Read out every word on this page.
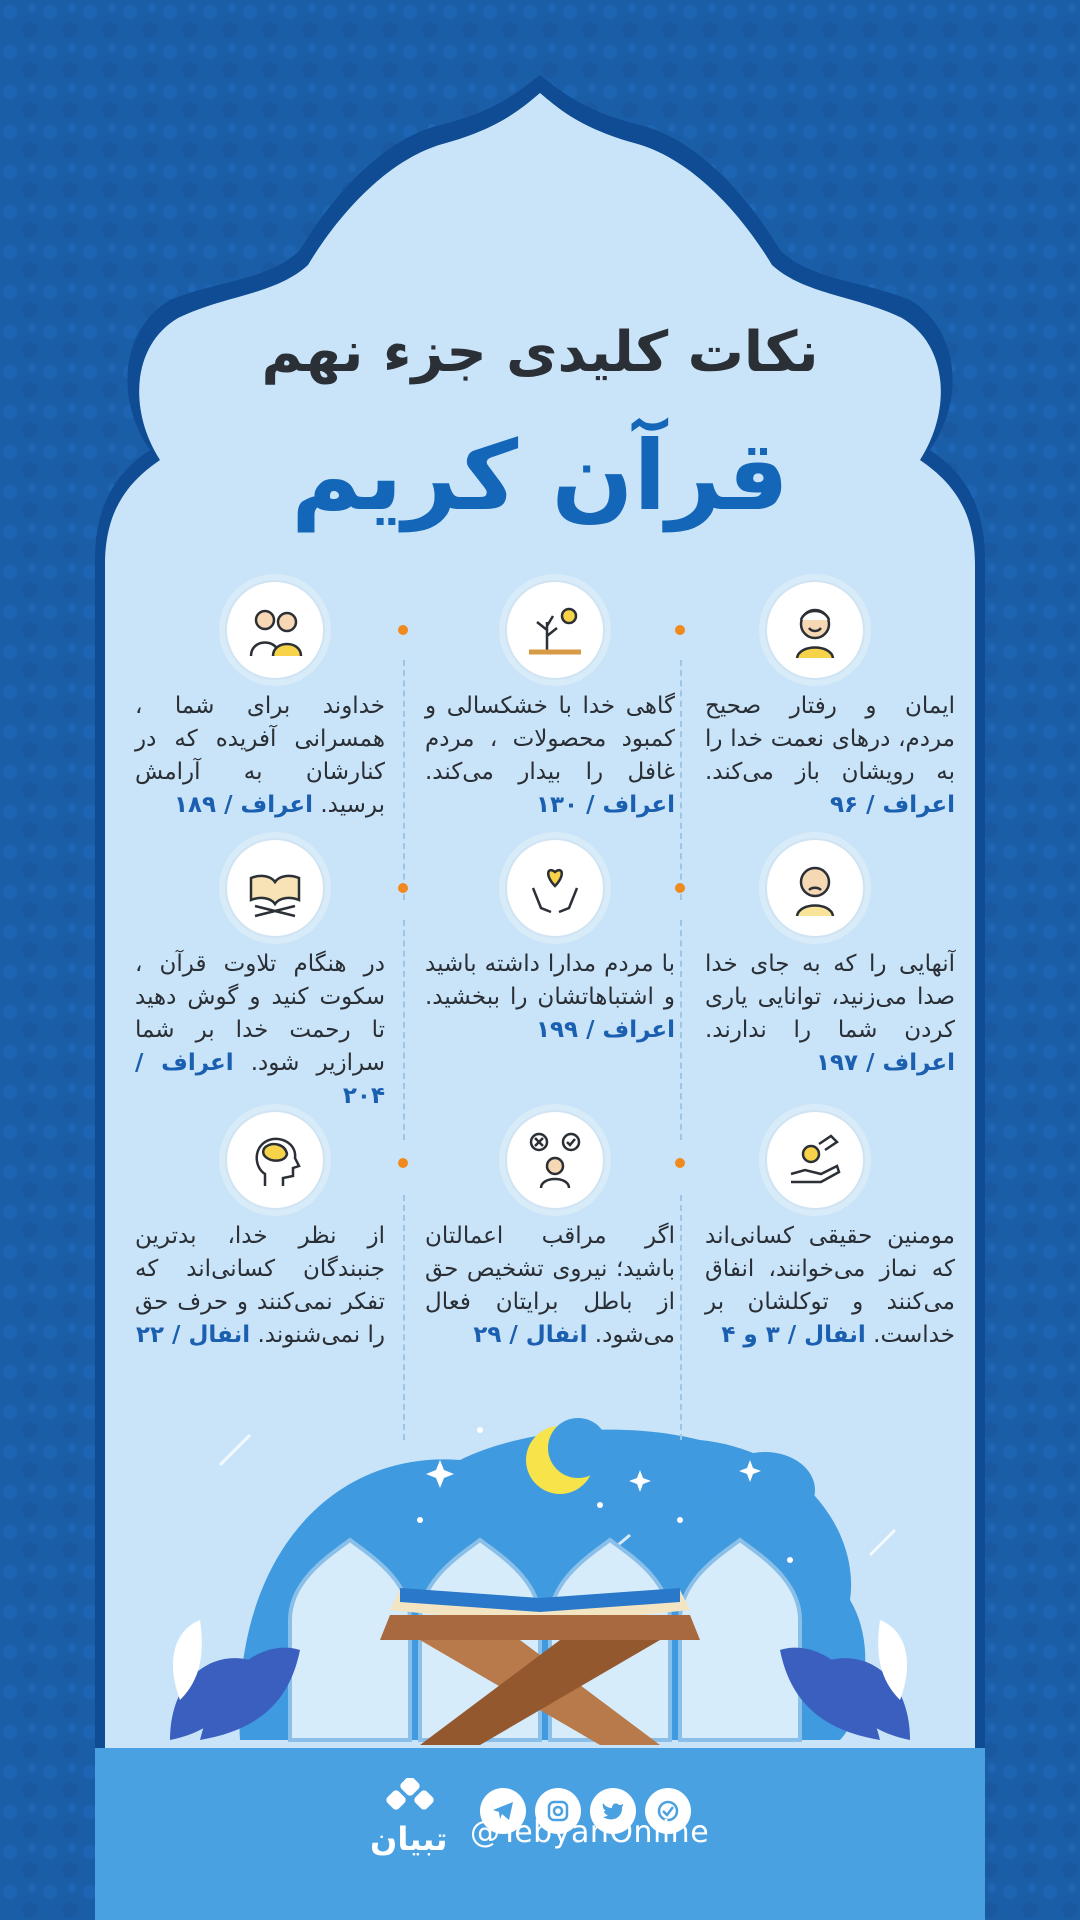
نکات کلیدی جزء نهم
قرآن کریم
ایمان و رفتار صحیح مردم، درهای نعمت خدا را به رویشان باز می‌کند. اعراف / ۹۶
گاهی خدا با خشکسالی و کمبود محصولات ، مردم غافل را بیدار می‌کند. اعراف / ۱۳۰
خداوند برای شما ، همسرانی آفریده که در کنارشان به آرامش برسید. اعراف / ۱۸۹
آنهایی را که به جای خدا صدا می‌زنید، توانایی یاری کردن شما را ندارند. اعراف / ۱۹۷
با مردم مدارا داشته باشید و اشتباهاتشان را ببخشید. اعراف / ۱۹۹
در هنگام تلاوت قرآن ، سکوت کنید و گوش دهید تا رحمت خدا بر شما سرازیر شود. اعراف / ۲۰۴
مومنین حقیقی کسانی‌اند که نماز می‌خوانند، انفاق می‌کنند و توکلشان بر خداست. انفال / ۳ و ۴
اگر مراقب اعمالتان باشید؛ نیروی تشخیص حق از باطل برایتان فعال می‌شود. انفال / ۲۹
از نظر خدا، بدترین جنبندگان کسانی‌اند که تفکر نمی‌کنند و حرف حق را نمی‌شنوند. انفال / ۲۲
تبیان @TebyanOnline
